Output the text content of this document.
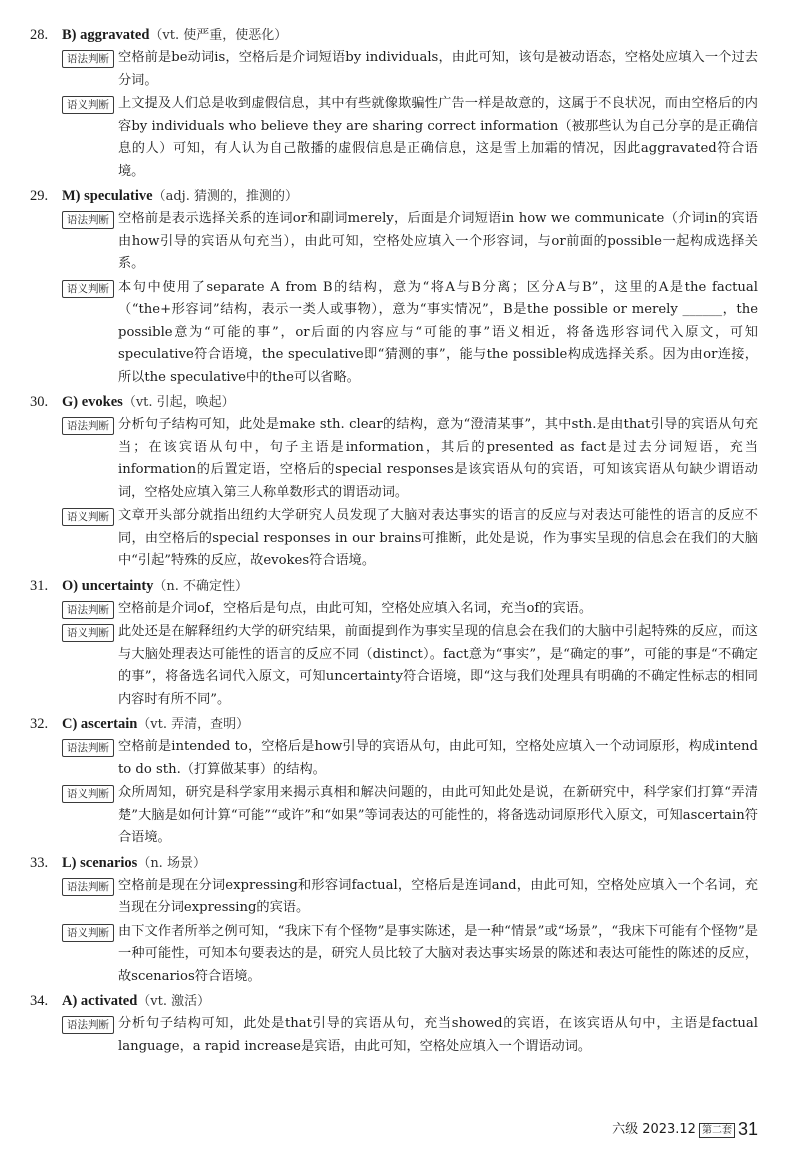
28. B) aggravated（vt. 使严重，使恶化）
语法判断 空格前是be动词is，空格后是介词短语by individuals，由此可知，该句是被动语态，空格处应填入一个过去分词。
语义判断 上文提及人们总是收到虚假信息，其中有些就像欺骗性广告一样是故意的，这属于不良状况，而由空格后的内容by individuals who believe they are sharing correct information（被那些认为自己分享的是正确信息的人）可知，有人认为自己散播的虚假信息是正确信息，这是雪上加霜的情况，因此aggravated符合语境。
29. M) speculative（adj. 猜测的，推测的）
语法判断 空格前是表示选择关系的连词or和副词merely，后面是介词短语in how we communicate（介词in的宾语由how引导的宾语从句充当），由此可知，空格处应填入一个形容词，与or前面的possible一起构成选择关系。
语义判断 本句中使用了separate A from B的结构，意为“将A与B分离；区分A与B”，这里的A是the factual（“the+形容词”结构，表示一类人或事物），意为“事实情况”，B是the possible or merely ______，the possible意为“可能的事”，or后面的内容应与“可能的事”语义相近，将备选形容词代入原文，可知speculative符合语境，the speculative即“猜测的事”，能与the possible构成选择关系。因为由or连接，所以the speculative中的the可以省略。
30. G) evokes（vt. 引起，唤起）
语法判断 分析句子结构可知，此处是make sth. clear的结构，意为“澄清某事”，其中sth.是由that引导的宾语从句充当；在该宾语从句中，句子主语是information，其后的presented as fact是过去分词短语，充当information的后置定语，空格后的special responses是该宾语从句的宾语，可知该宾语从句缺少谓语动词，空格处应填入第三人称单数形式的谓语动词。
语义判断 文章开头部分就指出纽约大学研究人员发现了大脑对表达事实的语言的反应与对表达可能性的语言的反应不同，由空格后的special responses in our brains可推断，此处是说，作为事实呈现的信息会在我们的大脑中“引起”特殊的反应，故evokes符合语境。
31. O) uncertainty（n. 不确定性）
语法判断 空格前是介词of，空格后是句点，由此可知，空格处应填入名词，充当of的宾语。
语义判断 此处还是在解释纽约大学的研究结果，前面提到作为事实呈现的信息会在我们的大脑中引起特殊的反应，而这与大脑处理表达可能性的语言的反应不同（distinct）。fact意为“事实”，是“确定的事”，可能的事是“不确定的事”，将备选名词代入原文，可知uncertainty符合语境，即“这与我们处理具有明确的不确定性标志的相同内容时有所不同”。
32. C) ascertain（vt. 弄清，查明）
语法判断 空格前是intended to，空格后是how引导的宾语从句，由此可知，空格处应填入一个动词原形，构成intend to do sth.（打算做某事）的结构。
语义判断 众所周知，研究是科学家用来揭示真相和解决问题的，由此可知此处是说，在新研究中，科学家们打算“弄清楚”大脑是如何计算“可能”“或许”和“如果”等词表达的可能性的，将备选动词原形代入原文，可知ascertain符合语境。
33. L) scenarios（n. 场景）
语法判断 空格前是现在分词expressing和形容词factual，空格后是连词and，由此可知，空格处应填入一个名词，充当现在分词expressing的宾语。
语义判断 由下文作者所举之例可知，“我床下有个怪物”是事实陈述，是一种“情景”或“场景”，“我床下可能有个怪物”是一种可能性，可知本句要表达的是，研究人员比较了大脑对表达事实场景的陈述和表达可能性的陈述的反应，故scenarios符合语境。
34. A) activated（vt. 激活）
语法判断 分析句子结构可知，此处是that引导的宾语从句，充当showed的宾语，在该宾语从句中，主语是factual language，a rapid increase是宾语，由此可知，空格处应填入一个谓语动词。
六级 2023.12 第二套 31
